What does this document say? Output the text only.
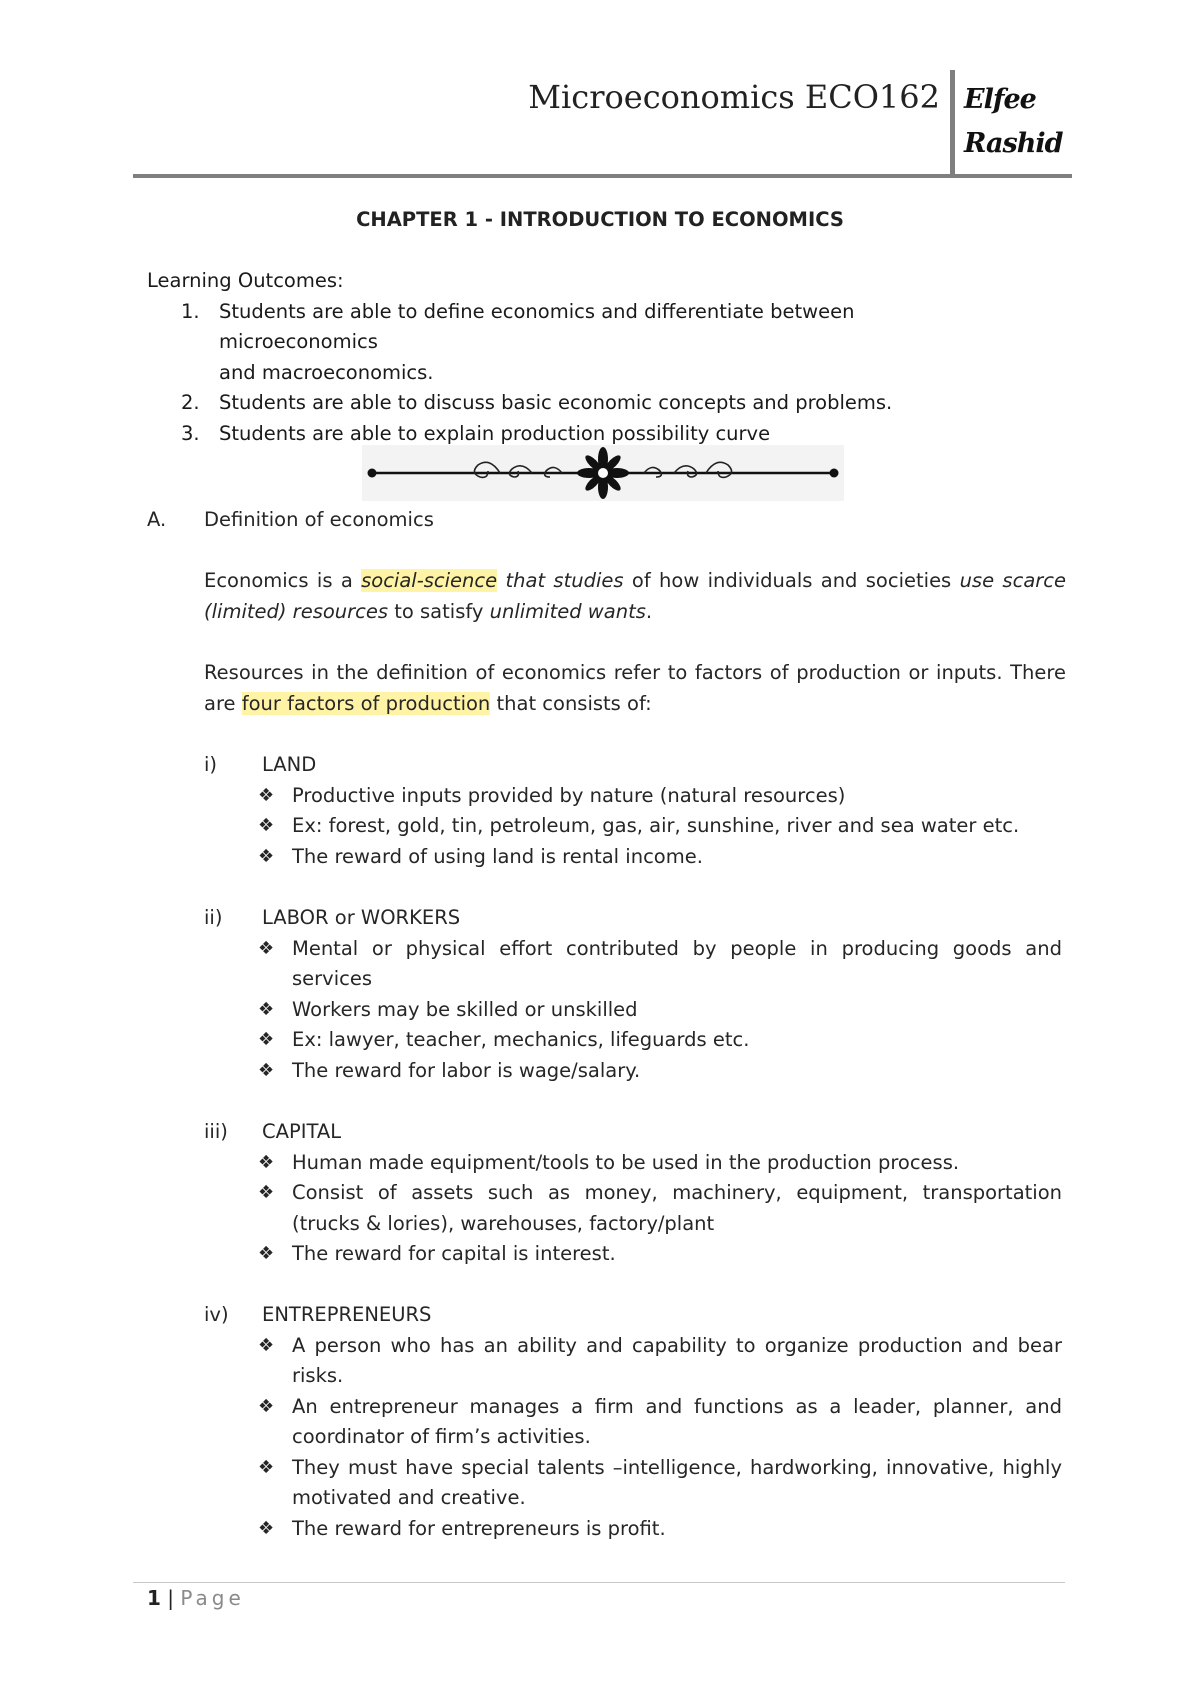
Microeconomics ECO162 Elfee
Rashid
CHAPTER 1 - INTRODUCTION TO ECONOMICS
Learning Outcomes:
1. Students are able to define economics and differentiate between microeconomics
and macroeconomics.
2. Students are able to discuss basic economic concepts and problems.
3. Students are able to explain production possibility curve
A. Definition of economics
Economics is a social-science that studies of how individuals and societies use scarce (limited) resources to satisfy unlimited wants.
Resources in the definition of economics refer to factors of production or inputs. There are four factors of production that consists of:
i) LAND
❖ Productive inputs provided by nature (natural resources)
❖ Ex: forest, gold, tin, petroleum, gas, air, sunshine, river and sea water etc.
❖ The reward of using land is rental income.
ii) LABOR or WORKERS
❖ Mental or physical effort contributed by people in producing goods and services
❖ Workers may be skilled or unskilled
❖ Ex: lawyer, teacher, mechanics, lifeguards etc.
❖ The reward for labor is wage/salary.
iii) CAPITAL
❖ Human made equipment/tools to be used in the production process.
❖ Consist of assets such as money, machinery, equipment, transportation (trucks & lories), warehouses, factory/plant
❖ The reward for capital is interest.
iv) ENTREPRENEURS
❖ A person who has an ability and capability to organize production and bear risks.
❖ An entrepreneur manages a firm and functions as a leader, planner, and coordinator of firm’s activities.
❖ They must have special talents –intelligence, hardworking, innovative, highly motivated and creative.
❖ The reward for entrepreneurs is profit.
1 | Page
